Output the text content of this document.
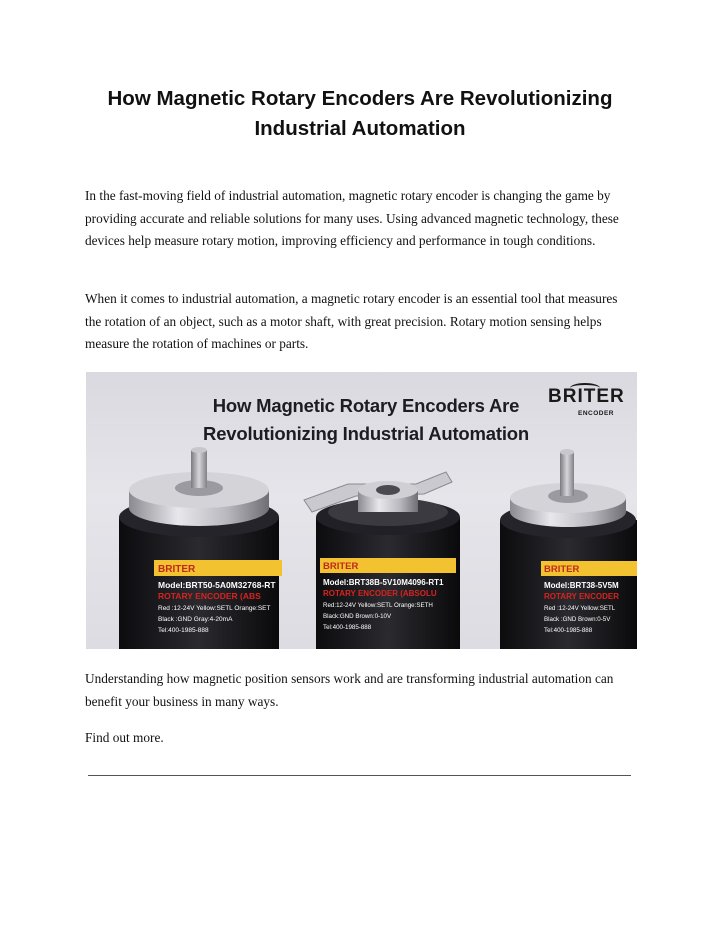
How Magnetic Rotary Encoders Are Revolutionizing Industrial Automation

In the fast-moving field of industrial automation, magnetic rotary encoder is changing the game by providing accurate and reliable solutions for many uses. Using advanced magnetic technology, these devices help measure rotary motion, improving efficiency and performance in tough conditions.

When it comes to industrial automation, a magnetic rotary encoder is an essential tool that measures the rotation of an object, such as a motor shaft, with great precision. Rotary motion sensing helps measure the rotation of machines or parts.

How Magnetic Rotary Encoders Are
Revolutionizing Industrial Automation
BRITER
ENCODER
BRITER
Model:BRT50-5A0M32768-RT
ROTARY ENCODER (ABS
Red :12-24V Yellow:SETL Orange:SET
Black :GND Gray:4-20mA
Tel:400-1985-888
BRITER
Model:BRT38B-5V10M4096-RT1
ROTARY ENCODER (ABSOLU
Red:12-24V Yellow:SETL Orange:SETH
Black:GND Brown:0-10V
Tel:400-1985-888
BRITER
Model:BRT38-5V5M
ROTARY ENCODER
Red :12-24V Yellow:SETL
Black :GND Brown:0-5V
Tel:400-1985-888

Understanding how magnetic position sensors work and are transforming industrial automation can benefit your business in many ways.

Find out more.
